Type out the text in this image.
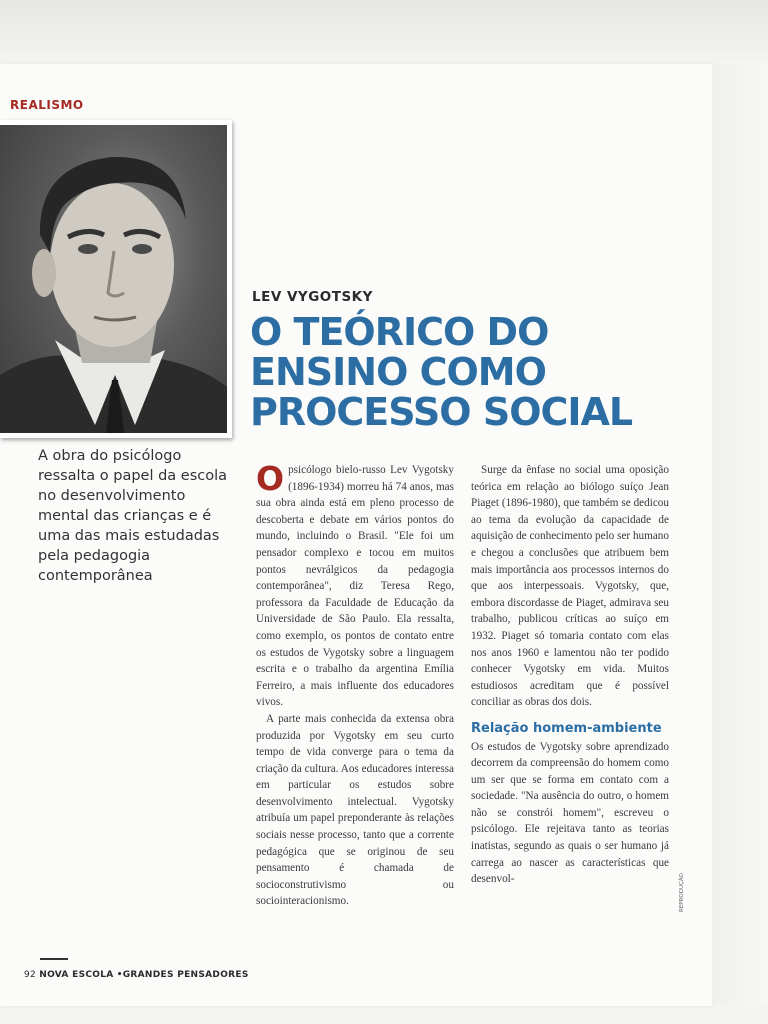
REALISMO
A obra do psicólogo ressalta o papel da escola no desenvolvimento mental das crianças e é uma das mais estudadas pela pedagogia contemporânea
LEV VYGOTSKY
O TEÓRICO DO
ENSINO COMO
PROCESSO SOCIAL

Opsicólogo bielo-russo Lev Vygotsky (1896-1934) morreu há 74 anos, mas sua obra ainda está em pleno processo de descoberta e debate em vários pontos do mundo, incluindo o Brasil. "Ele foi um pensador complexo e tocou em muitos pontos nevrálgicos da pedagogia contemporânea", diz Teresa Rego, professora da Faculdade de Educação da Universidade de São Paulo. Ela ressalta, como exemplo, os pontos de contato entre os estudos de Vygotsky sobre a linguagem escrita e o trabalho da argentina Emília Ferreiro, a mais influente dos educadores vivos.

A parte mais conhecida da extensa obra produzida por Vygotsky em seu curto tempo de vida converge para o tema da criação da cultura. Aos educadores interessa em particular os estudos sobre desenvolvimento intelectual. Vygotsky atribuía um papel preponderante às relações sociais nesse processo, tanto que a corrente pedagógica que se originou de seu pensamento é chamada de socioconstrutivismo ou sociointeracionismo.

Surge da ênfase no social uma oposição teórica em relação ao biólogo suíço Jean Piaget (1896-1980), que também se dedicou ao tema da evolução da capacidade de aquisição de conhecimento pelo ser humano e chegou a conclusões que atribuem bem mais importância aos processos internos do que aos interpessoais. Vygotsky, que, embora discordasse de Piaget, admirava seu trabalho, publicou críticas ao suíço em 1932. Piaget só tomaria contato com elas nos anos 1960 e lamentou não ter podido conhecer Vygotsky em vida. Muitos estudiosos acreditam que é possível conciliar as obras dos dois.

Relação homem-ambiente

Os estudos de Vygotsky sobre aprendizado decorrem da compreensão do homem como um ser que se forma em contato com a sociedade. "Na ausência do outro, o homem não se constrói homem", escreveu o psicólogo. Ele rejeitava tanto as teorias inatistas, segundo as quais o ser humano já carrega ao nascer as características que desenvol-	REPRODUÇÃO
92 NOVA ESCOLA •GRANDES PENSADORES
